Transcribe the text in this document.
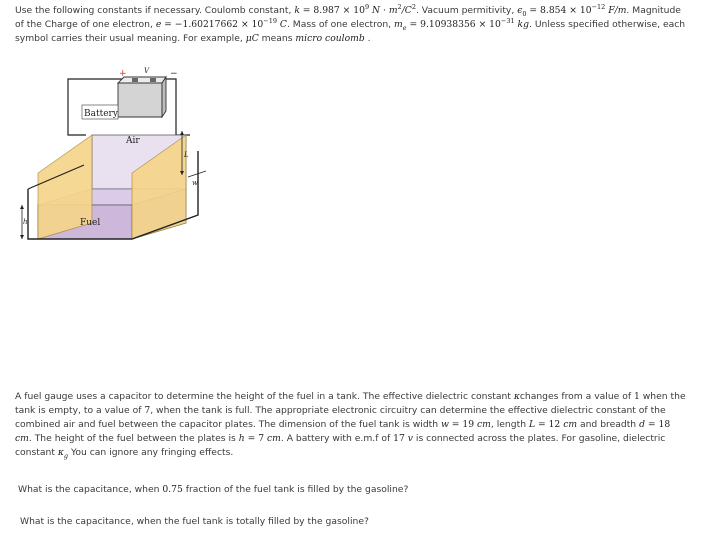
Use the following constants if necessary. Coulomb constant, $k = 8.987 \times 10^9$ $N \cdot m^2/C^2$. Vacuum permitivity, $\epsilon_0 = 8.854 \times 10^{-12}$ F/m. Magnitude of the Charge of one electron, $e = -1.60217662 \times 10^{-19}$ C. Mass of one electron, $m_e = 9.10938356 \times 10^{-31}$ kg. Unless specified otherwise, each symbol carries their usual meaning. For example, μC means micro coulomb .
+	−
V
Battery
Air
Fuel
h
L
w
A fuel gauge uses a capacitor to determine the height of the fuel in a tank. The effective dielectric constant κchanges from a value of 1 when the tank is empty, to a value of 7, when the tank is full. The appropriate electronic circuitry can determine the effective dielectric constant of the combined air and fuel between the capacitor plates. The dimension of the fuel tank is width w = 19 cm, length L = 12 cm and breadth d = 18 cm. The height of the fuel between the plates is h = 7 cm. A battery with e.m.f of 17 v is connected across the plates. For gasoline, dielectric constant $\kappa_g$ You can ignore any fringing effects.
What is the capacitance, when 0.75 fraction of the fuel tank is filled by the gasoline?
What is the capacitance, when the fuel tank is totally filled by the gasoline?
